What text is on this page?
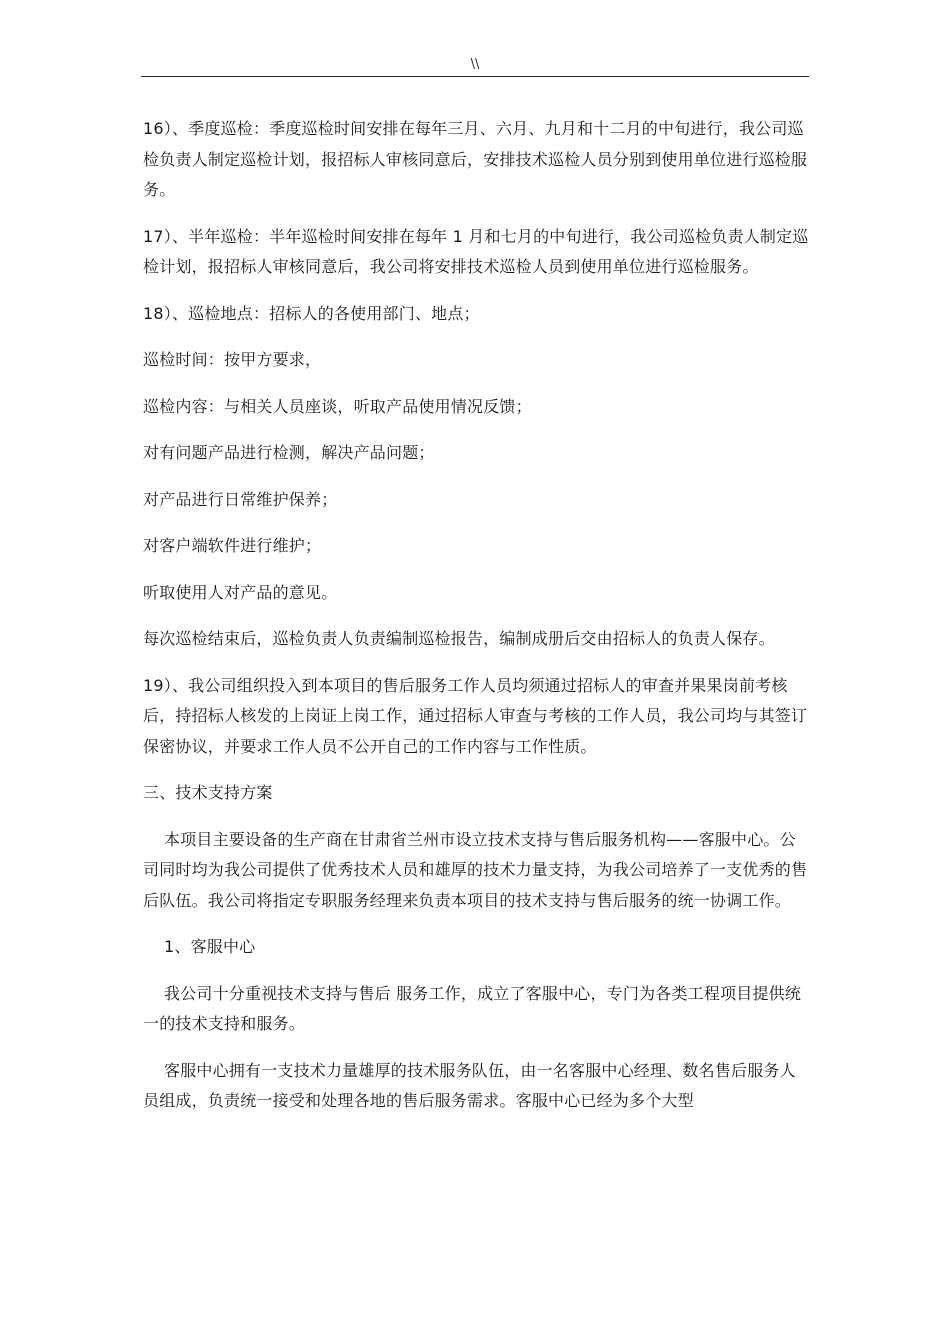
\\

16）、季度巡检：季度巡检时间安排在每年三月、六月、九月和十二月的中旬进行，我公司巡检负责人制定巡检计划，报招标人审核同意后，安排技术巡检人员分别到使用单位进行巡检服务。

17）、半年巡检：半年巡检时间安排在每年 1 月和七月的中旬进行，我公司巡检负责人制定巡检计划，报招标人审核同意后，我公司将安排技术巡检人员到使用单位进行巡检服务。

18）、巡检地点：招标人的各使用部门、地点；

巡检时间：按甲方要求，

巡检内容：与相关人员座谈，听取产品使用情况反馈；

对有问题产品进行检测，解决产品问题；

对产品进行日常维护保养；

对客户端软件进行维护；

听取使用人对产品的意见。

每次巡检结束后，巡检负责人负责编制巡检报告，编制成册后交由招标人的负责人保存。

19）、我公司组织投入到本项目的售后服务工作人员均须通过招标人的审查并果果岗前考核后，持招标人核发的上岗证上岗工作，通过招标人审查与考核的工作人员，我公司均与其签订保密协议，并要求工作人员不公开自己的工作内容与工作性质。

三、技术支持方案

本项目主要设备的生产商在甘肃省兰州市设立技术支持与售后服务机构——客服中心。公司同时均为我公司提供了优秀技术人员和雄厚的技术力量支持，为我公司培养了一支优秀的售后队伍。我公司将指定专职服务经理来负责本项目的技术支持与售后服务的统一协调工作。

1、客服中心

我公司十分重视技术支持与售后 服务工作，成立了客服中心，专门为各类工程项目提供统一的技术支持和服务。

客服中心拥有一支技术力量雄厚的技术服务队伍，由一名客服中心经理、数名售后服务人员组成，负责统一接受和处理各地的售后服务需求。客服中心已经为多个大型
